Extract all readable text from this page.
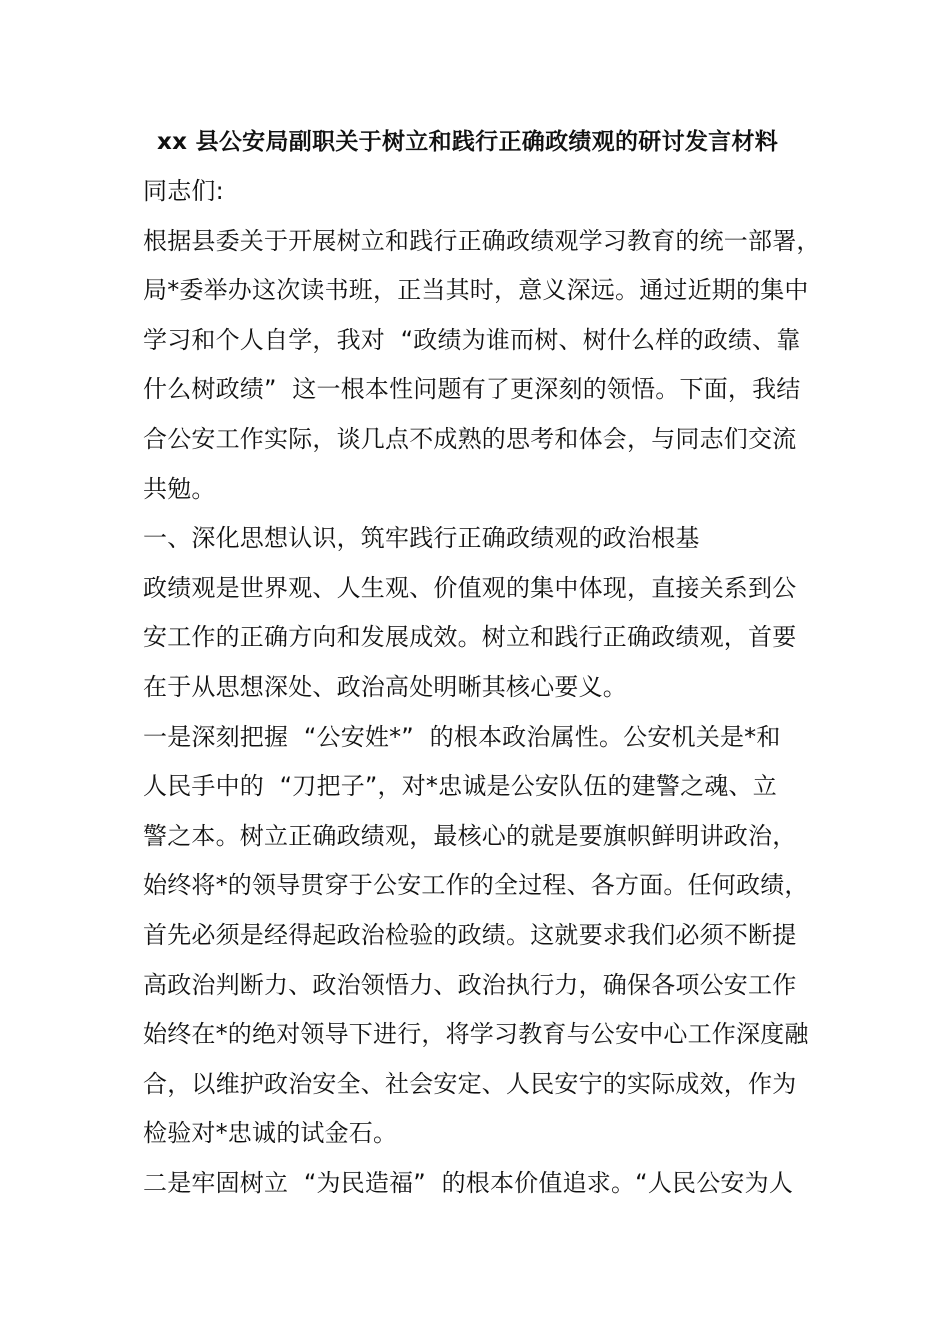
xx 县公安局副职关于树立和践行正确政绩观的研讨发言材料
同志们:
根据县委关于开展树立和践行正确政绩观学习教育的统一部署，
局*委举办这次读书班，正当其时，意义深远。通过近期的集中
学习和个人自学，我对  “政绩为谁而树、树什么样的政绩、靠
什么树政绩”  这一根本性问题有了更深刻的领悟。下面，我结
合公安工作实际，谈几点不成熟的思考和体会，与同志们交流
共勉。
一、深化思想认识，筑牢践行正确政绩观的政治根基
政绩观是世界观、人生观、价值观的集中体现，直接关系到公
安工作的正确方向和发展成效。树立和践行正确政绩观，首要
在于从思想深处、政治高处明晰其核心要义。
一是深刻把握  “公安姓*”  的根本政治属性。公安机关是*和
人民手中的  “刀把子”，对*忠诚是公安队伍的建警之魂、立
警之本。树立正确政绩观，最核心的就是要旗帜鲜明讲政治，
始终将*的领导贯穿于公安工作的全过程、各方面。任何政绩，
首先必须是经得起政治检验的政绩。这就要求我们必须不断提
高政治判断力、政治领悟力、政治执行力，确保各项公安工作
始终在*的绝对领导下进行，将学习教育与公安中心工作深度融
合，以维护政治安全、社会安定、人民安宁的实际成效，作为
检验对*忠诚的试金石。
二是牢固树立  “为民造福”  的根本价值追求。“人民公安为人
